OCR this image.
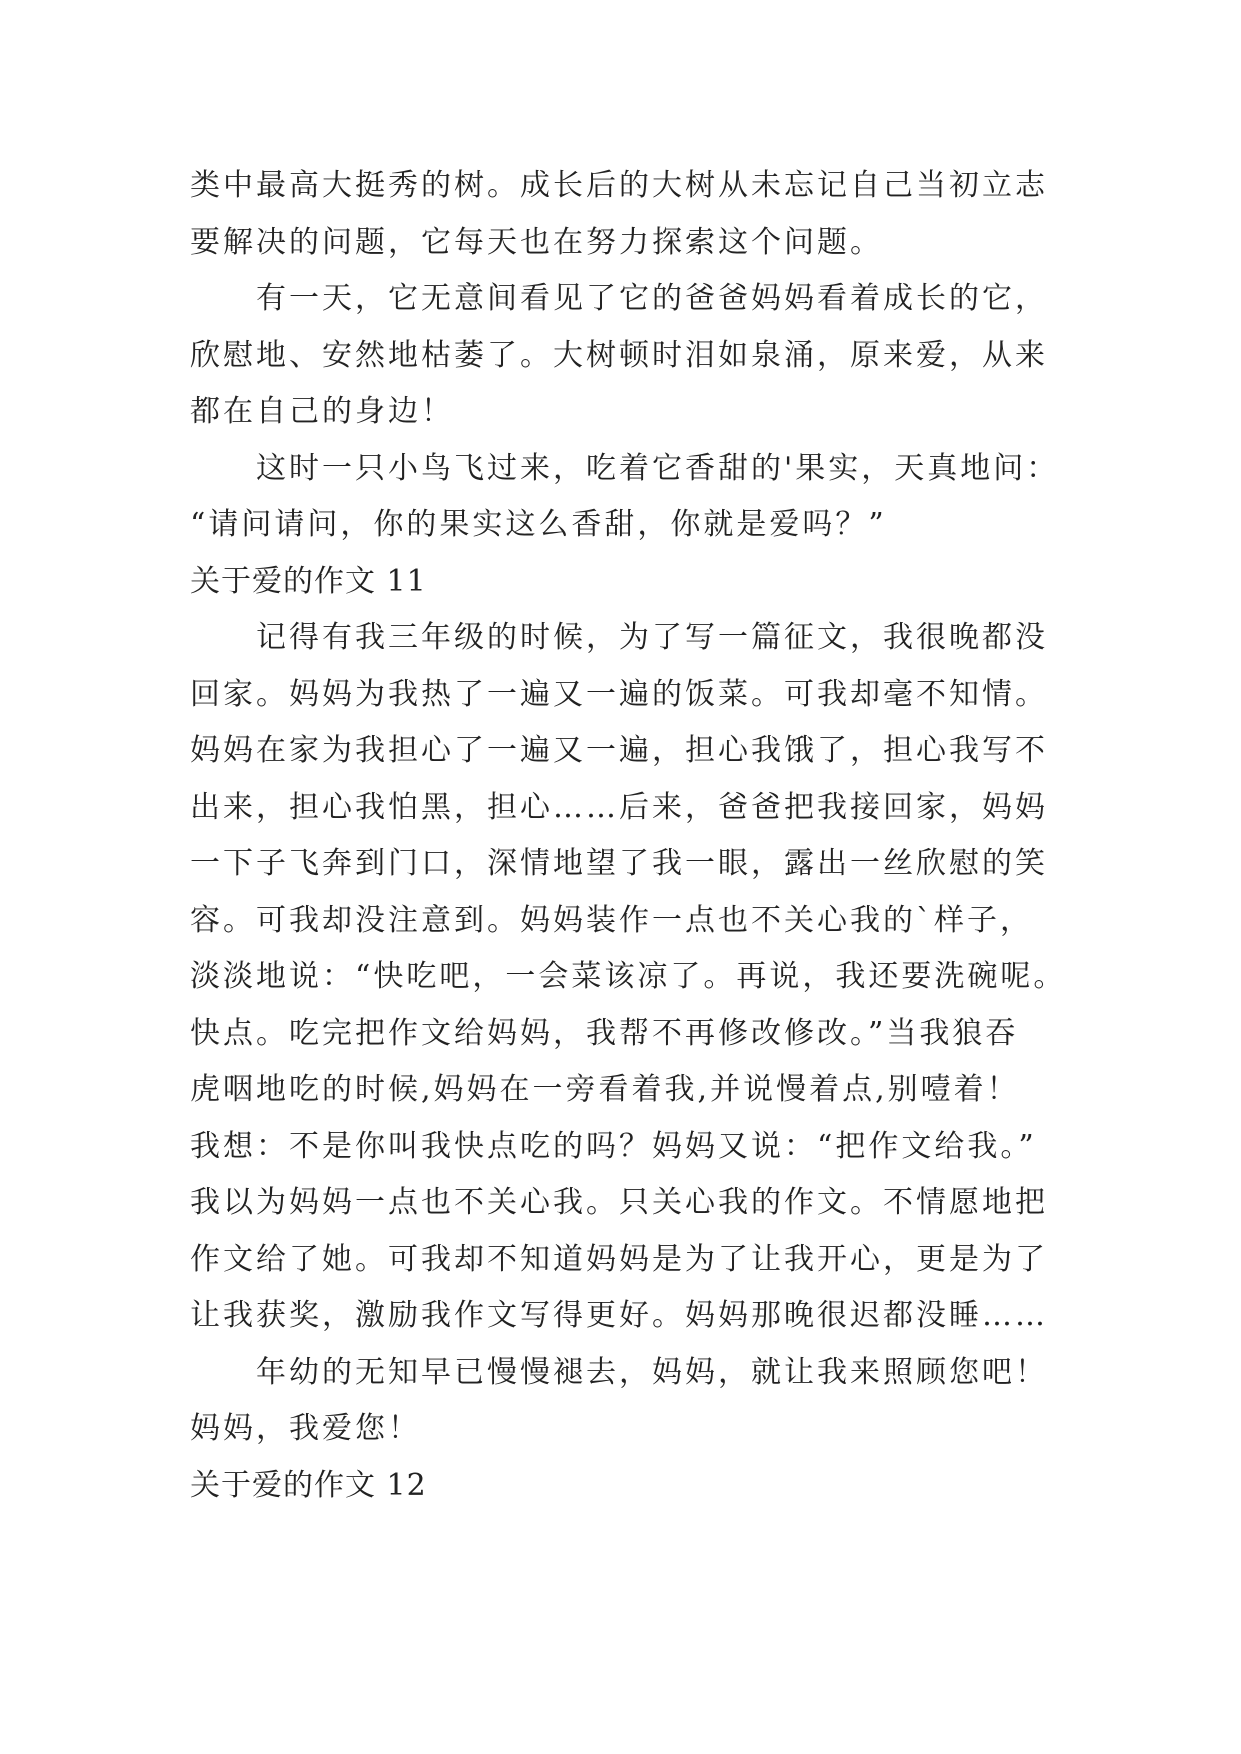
类中最高大挺秀的树。成长后的大树从未忘记自己当初立志
要解决的问题，它每天也在努力探索这个问题。
有一天，它无意间看见了它的爸爸妈妈看着成长的它，
欣慰地、安然地枯萎了。大树顿时泪如泉涌，原来爱，从来
都在自己的身边！
这时一只小鸟飞过来，吃着它香甜的'果实，天真地问：
“请问请问，你的果实这么香甜，你就是爱吗？”
关于爱的作文 11
记得有我三年级的时候，为了写一篇征文，我很晚都没
回家。妈妈为我热了一遍又一遍的饭菜。可我却毫不知情。
妈妈在家为我担心了一遍又一遍，担心我饿了，担心我写不
出来，担心我怕黑，担心……后来，爸爸把我接回家，妈妈
一下子飞奔到门口，深情地望了我一眼，露出一丝欣慰的笑
容。可我却没注意到。妈妈装作一点也不关心我的`样子，
淡淡地说：“快吃吧，一会菜该凉了。再说，我还要洗碗呢。
快点。吃完把作文给妈妈，我帮不再修改修改。”当我狼吞
虎咽地吃的时候,妈妈在一旁看着我,并说慢着点,别噎着！
我想：不是你叫我快点吃的吗？妈妈又说：“把作文给我。”
我以为妈妈一点也不关心我。只关心我的作文。不情愿地把
作文给了她。可我却不知道妈妈是为了让我开心，更是为了
让我获奖，激励我作文写得更好。妈妈那晚很迟都没睡……
年幼的无知早已慢慢褪去，妈妈，就让我来照顾您吧！
妈妈，我爱您！
关于爱的作文 12
